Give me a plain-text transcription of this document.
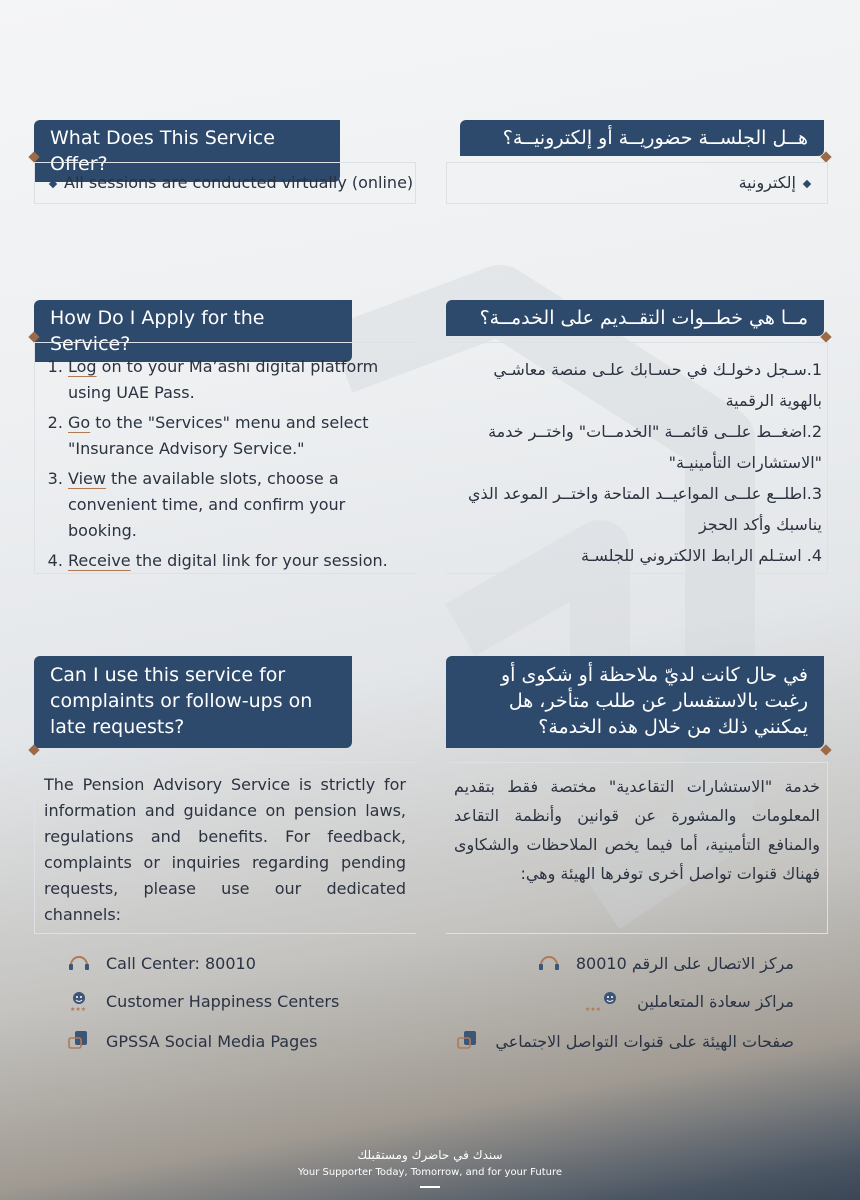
What Does This Service Offer?
هــل الجلســة حضوريــة أو إلكترونيــة؟
All sessions are conducted virtually (online)	إلكترونية
How Do I Apply for the Service?
مــا هي خطــوات التقــديم على الخدمــة؟
1. Log on to your Ma’ashi digital platform using UAE Pass.
2. Go to the "Services" menu and select "Insurance Advisory Service."
3. View the available slots, choose a convenient time, and confirm your booking.
4. Receive the digital link for your session.
1.سـجل دخولـك في حسـابك علـى منصة معاشـي بالهوية الرقمية
2.اضغــط علــى قائمــة "الخدمــات" واختــر خدمة "الاستشارات التأمينيـة"
3.اطلــع علــى المواعيــد المتاحة واختــر الموعد الذي يناسبك وأكد الحجز
4. استـلم الرابط الالكتروني للجلسـة
Can I use this service for complaints or follow-ups on late requests?
في حال كانت لديّ ملاحظة أو شكوى أو رغبت بالاستفسار عن طلب متأخر، هل يمكنني ذلك من خلال هذه الخدمة؟
The Pension Advisory Service is strictly for information and guidance on pension laws, regulations and benefits. For feedback, complaints or inquiries regarding pending requests, please use our dedicated channels:
خدمة "الاستشارات التقاعدية" مختصة فقط بتقديم المعلومات والمشورة عن قوانين وأنظمة التقاعد والمنافع التأمينية، أما فيما يخص الملاحظات والشكاوى فهناك قنوات تواصل أخرى توفرها الهيئة وهي:
Call Center: 80010
★★★ Customer Happiness Centers
GPSSA Social Media Pages
مركز الاتصال على الرقم 80010
★★★ مراكز سعادة المتعاملين
صفحات الهيئة على قنوات التواصل الاجتماعي
سندك في حاضرك ومستقبلك
Your Supporter Today, Tomorrow, and for your Future
